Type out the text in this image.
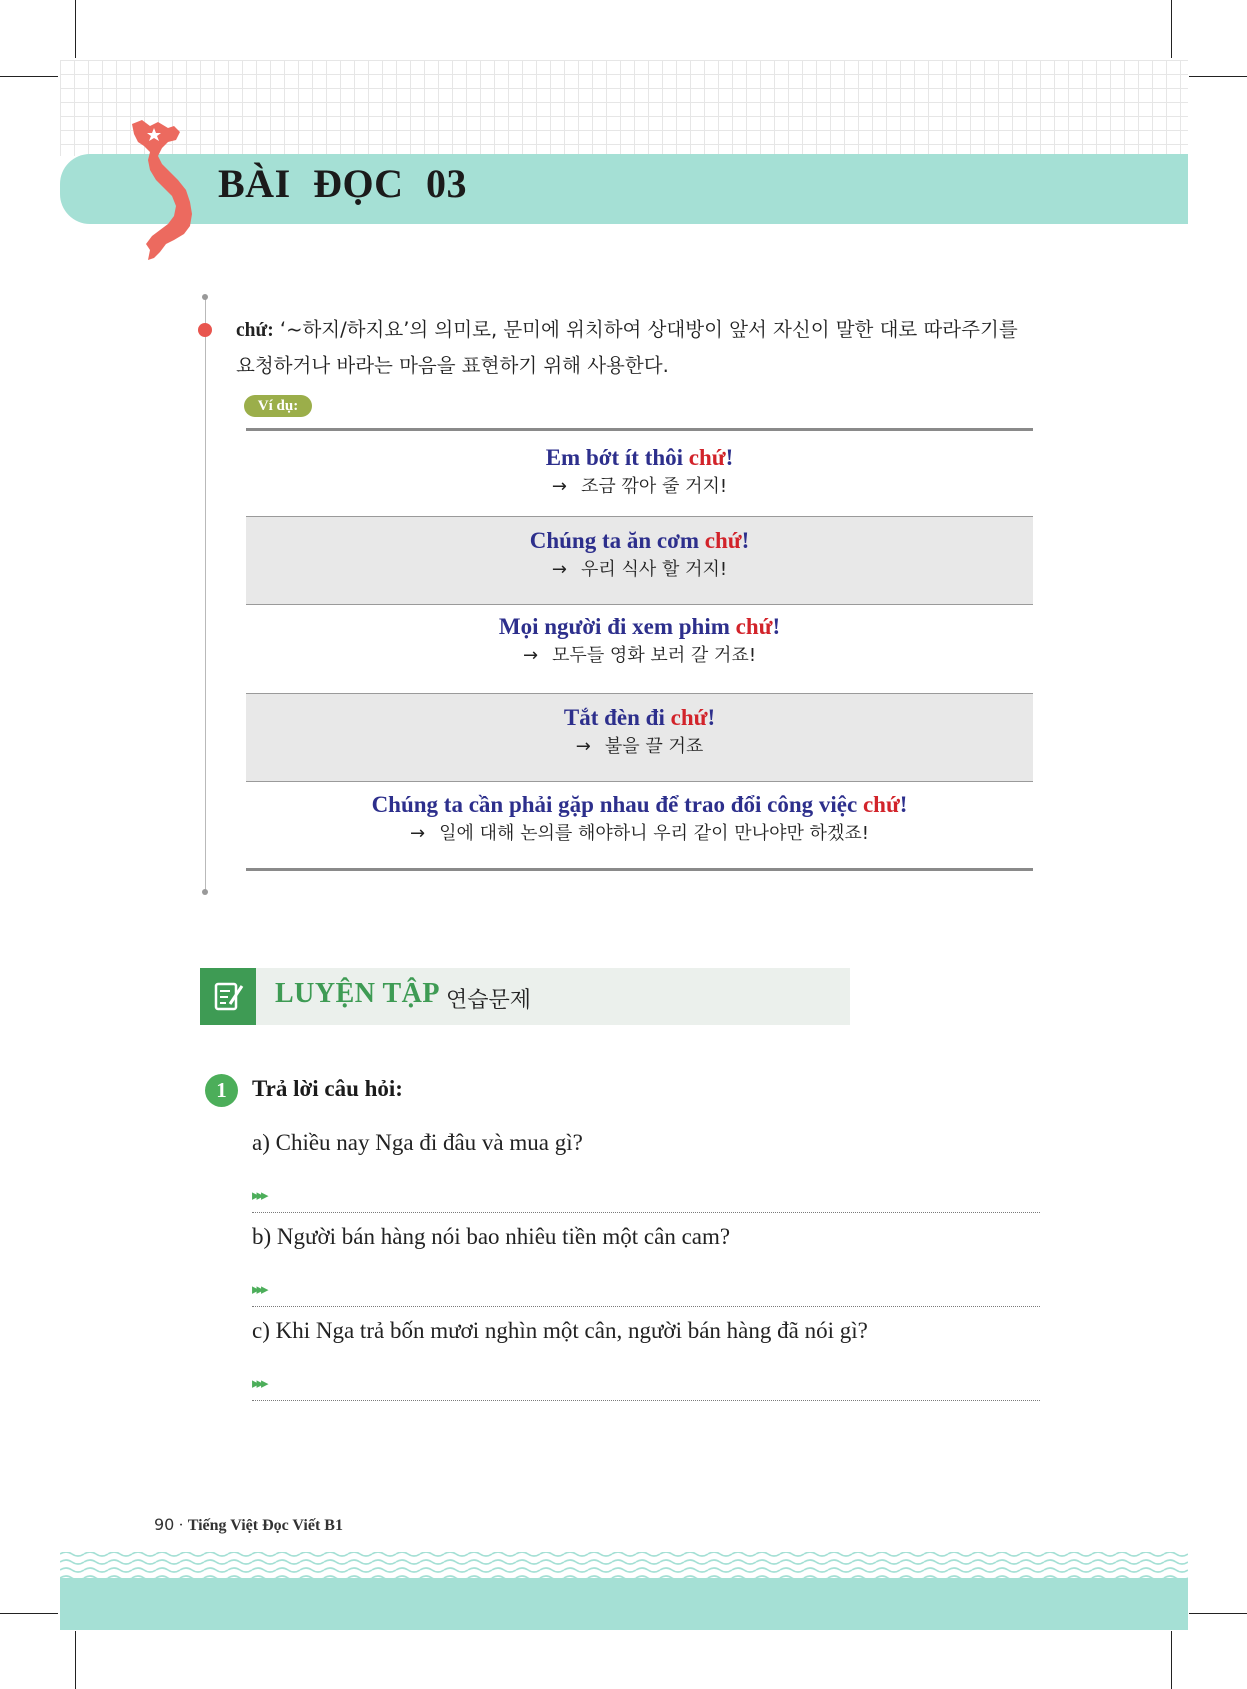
BÀI ĐỌC 03
chứ: ‘~하지/하지요’의 의미로, 문미에 위치하여 상대방이 앞서 자신이 말한 대로 따라주기를 요청하거나 바라는 마음을 표현하기 위해 사용한다.
Ví dụ:
Em bớt ít thôi chứ!
→ 조금 깎아 줄 거지!
Chúng ta ăn cơm chứ!
→ 우리 식사 할 거지!
Mọi người đi xem phim chứ!
→ 모두들 영화 보러 갈 거죠!
Tắt đèn đi chứ!
→ 불을 끌 거죠
Chúng ta cần phải gặp nhau để trao đổi công việc chứ!
→ 일에 대해 논의를 해야하니 우리 같이 만나야만 하겠죠!
LUYỆN TẬP 연습문제
1	Trả lời câu hỏi:
a) Chiều nay Nga đi đâu và mua gì?
▸▸▸
b) Người bán hàng nói bao nhiêu tiền một cân cam?
▸▸▸
c) Khi Nga trả bốn mươi nghìn một cân, người bán hàng đã nói gì?
▸▸▸
90 · Tiếng Việt Đọc Viết B1
